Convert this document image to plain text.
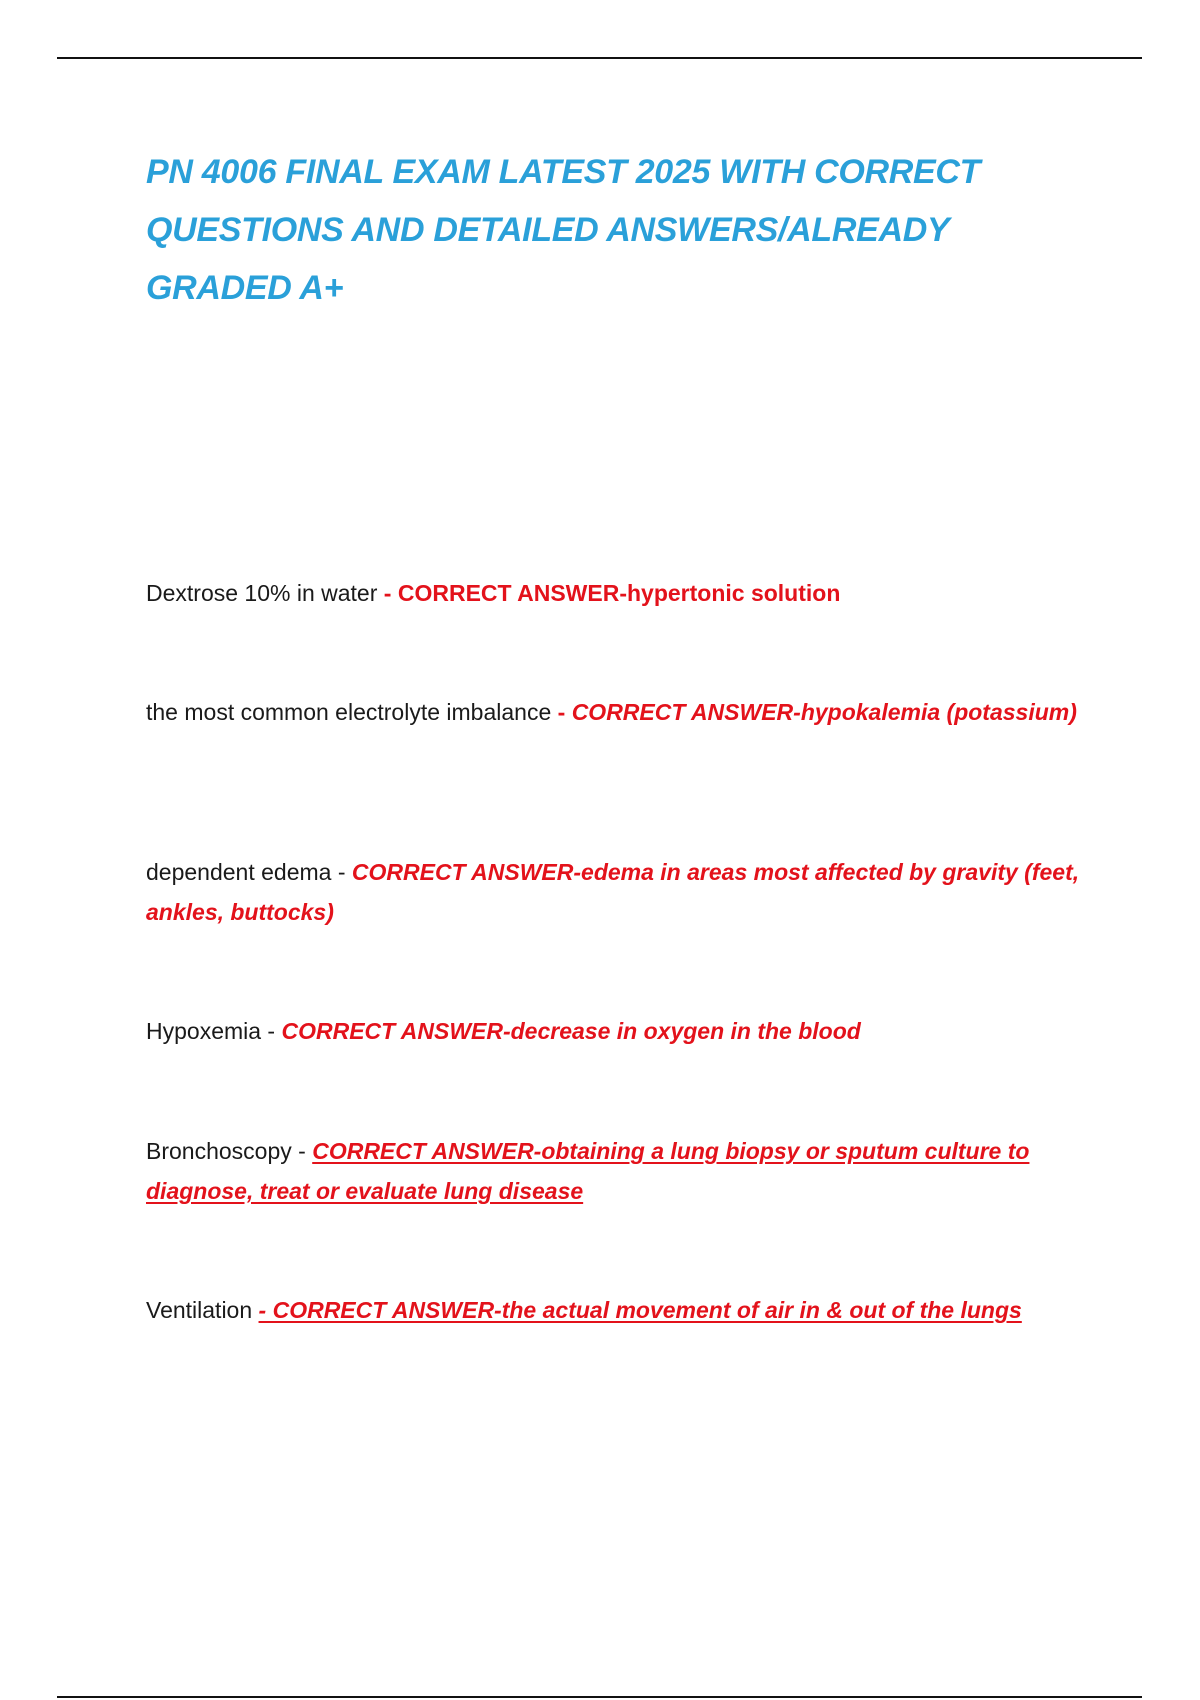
PN 4006 FINAL EXAM LATEST 2025 WITH CORRECT QUESTIONS AND DETAILED ANSWERS/ALREADY GRADED A+

Dextrose 10% in water - CORRECT ANSWER-hypertonic solution

the most common electrolyte imbalance - CORRECT ANSWER-hypokalemia (potassium)

dependent edema - CORRECT ANSWER-edema in areas most affected by gravity (feet, ankles, buttocks)

Hypoxemia - CORRECT ANSWER-decrease in oxygen in the blood

Bronchoscopy - CORRECT ANSWER-obtaining a lung biopsy or sputum culture to diagnose, treat or evaluate lung disease

Ventilation - CORRECT ANSWER-the actual movement of air in & out of the lungs
